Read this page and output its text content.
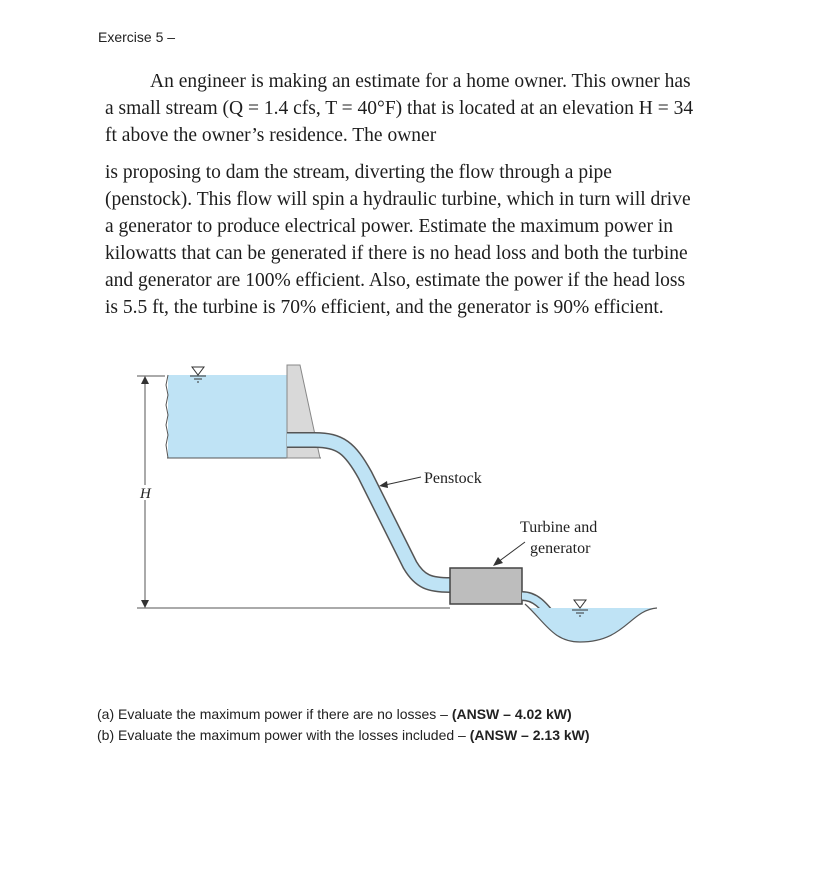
Exercise 5 –

An engineer is making an estimate for a home owner. This owner has a small stream (Q = 1.4 cfs, T = 40°F) that is located at an elevation H = 34 ft above the owner’s residence. The owner

is proposing to dam the stream, diverting the flow through a pipe (penstock). This flow will spin a hydraulic turbine, which in turn will drive a generator to produce electrical power. Estimate the maximum power in kilowatts that can be generated if there is no head loss and both the turbine and generator are 100% efficient. Also, estimate the power if the head loss is 5.5 ft, the turbine is 70% efficient, and the generator is 90% efficient.

H
Penstock
Turbine and
generator
(a) Evaluate the maximum power if there are no losses – (ANSW – 4.02 kW)
(b) Evaluate the maximum power with the losses included – (ANSW – 2.13 kW)
